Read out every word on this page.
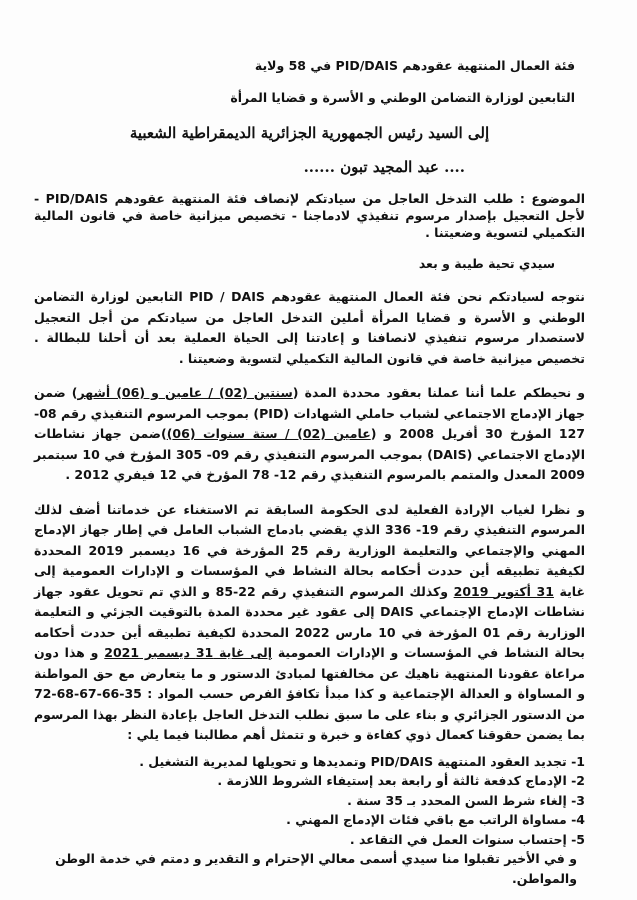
فئة العمال المنتهية عقودهم PID/DAIS في 58 ولاية

التابعين لوزارة التضامن الوطني و الأسرة و قضايا المرأة

إلى السيد رئيس الجمهورية الجزائرية الديمقراطية الشعبية

.... عبد المجيد تبون ......

الموضوع : طلب التدخل العاجل من سيادتكم لإنصاف فئة المنتهية عقودهم PID/DAIS - لأجل التعجيل بإصدار مرسوم تنفيذي لادماجنا - تخصيص ميزانية خاصة في قانون المالية التكميلي لتسوية وضعيتنا .

سيدي تحية طيبة و بعد

نتوجه لسيادتكم نحن فئة العمال المنتهية عقودهم PID / DAIS التابعين لوزارة التضامن الوطني و الأسرة و قضايا المرأة أملين التدخل العاجل من سيادتكم من أجل التعجيل لاستصدار مرسوم تنفيذي لانصافنا و إعادتنا إلى الحياة العملية بعد أن أحلنا للبطالة . تخصيص ميزانية خاصة في قانون المالية التكميلي لتسوية وضعيتنا .

و نحيطكم علما أننا عملنا بعقود محددة المدة (سنتين (02) / عامين و (06) أشهر) ضمن جهاز الإدماج الاجتماعي لشباب حاملي الشهادات (PID) بموجب المرسوم التنفيذي رقم 08-127 المؤرخ 30 أفريل 2008 و (عامين (02) / ستة سنوات (06))ضمن جهاز نشاطات الإدماج الاجتماعي (DAIS) بموجب المرسوم التنفيذي رقم 09- 305 المؤرخ في 10 سبتمبر 2009 المعدل والمتمم بالمرسوم التنفيذي رقم 12- 78 المؤرخ في 12 فيفري 2012 .

و نظرا لغياب الإرادة الفعلية لدى الحكومة السابقة تم الاستغناء عن خدماتنا أضف لذلك المرسوم التنفيذي رقم 19- 336 الذي يقضي بادماج الشباب العامل في إطار جهاز الإدماج المهني والإجتماعي والتعليمة الوزارية رقم 25 المؤرخة في 16 ديسمبر 2019 المحددة لكيفية تطبيقه أين حددت أحكامه بحالة النشاط في المؤسسات و الإدارات العمومية إلى غاية 31 أكتوبر 2019 وكذلك المرسوم التنفيذي رقم 22-85 و الذي تم تحويل عقود جهاز نشاطات الإدماج الإجتماعي DAIS إلى عقود غير محددة المدة بالتوقيت الجزئي و التعليمة الوزارية رقم 01 المؤرخة في 10 مارس 2022 المحددة لكيفية تطبيقه أين حددت أحكامه بحالة النشاط في المؤسسات و الإدارات العمومية إلى غاية 31 ديسمبر 2021 و هذا دون مراعاة عقودنا المنتهية ناهيك عن مخالفتها لمبادئ الدستور و ما يتعارض مع حق المواطنة و المساواة و العدالة الإجتماعية و كذا مبدأ تكافؤ الفرص حسب المواد : 35-66-67-68-72 من الدستور الجزائري و بناء على ما سبق نطلب التدخل العاجل بإعادة النظر بهذا المرسوم بما يضمن حقوقنا كعمال ذوي كفاءة و خبرة و تتمثل أهم مطالبنا فيما يلي :

1- تجديد العقود المنتهية PID/DAIS وتمديدها و تحويلها لمديرية التشغيل .
2- الإدماج كدفعة ثالثة أو رابعة بعد إستيفاء الشروط اللازمة .
3- إلغاء شرط السن المحدد بـ 35 سنة .
4- مساواة الراتب مع باقي فئات الإدماج المهني .
5- إحتساب سنوات العمل في التقاعد .

و في الأخير تقبلوا منا سيدي أسمى معالي الإحترام و التقدير و دمتم في خدمة الوطن والمواطن.
